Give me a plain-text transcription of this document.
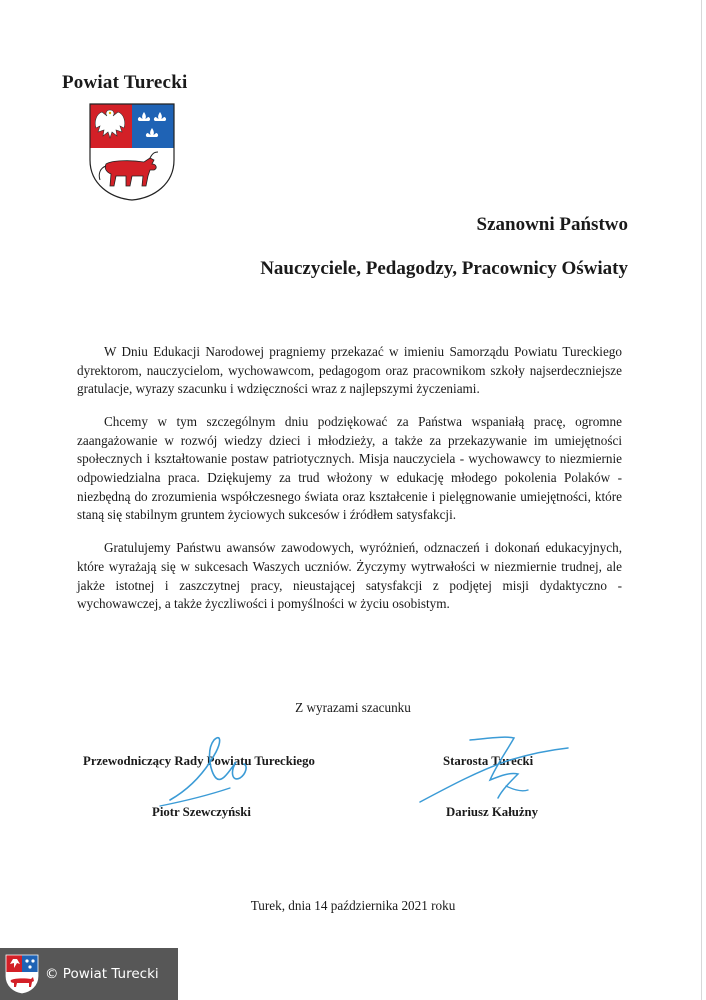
Powiat Turecki
Szanowni Państwo
Nauczyciele, Pedagodzy, Pracownicy Oświaty

W Dniu Edukacji Narodowej pragniemy przekazać w imieniu Samorządu Powiatu Tureckiego dyrektorom, nauczycielom, wychowawcom, pedagogom oraz pracownikom szkoły najserdeczniejsze gratulacje, wyrazy szacunku i wdzięczności wraz z najlepszymi życzeniami.

Chcemy w tym szczególnym dniu podziękować za Państwa wspaniałą pracę, ogromne zaangażowanie w rozwój wiedzy dzieci i młodzieży, a także za przekazywanie im umiejętności społecznych i kształtowanie postaw patriotycznych. Misja nauczyciela - wychowawcy to niezmiernie odpowiedzialna praca. Dziękujemy za trud włożony w edukację młodego pokolenia Polaków - niezbędną do zrozumienia współczesnego świata oraz kształcenie i pielęgnowanie umiejętności, które staną się stabilnym gruntem życiowych sukcesów i źródłem satysfakcji.

Gratulujemy Państwu awansów zawodowych, wyróżnień, odznaczeń i dokonań edukacyjnych, które wyrażają się w sukcesach Waszych uczniów. Życzymy wytrwałości w niezmiernie trudnej, ale jakże istotnej i zaszczytnej pracy, nieustającej satysfakcji z podjętej misji dydaktyczno - wychowawczej, a także życzliwości i pomyślności w życiu osobistym.

Z wyrazami szacunku
Przewodniczący Rady Powiatu Tureckiego
Piotr Szewczyński
Starosta Turecki
Dariusz Kałużny
Turek, dnia 14 października 2021 roku
© Powiat Turecki
